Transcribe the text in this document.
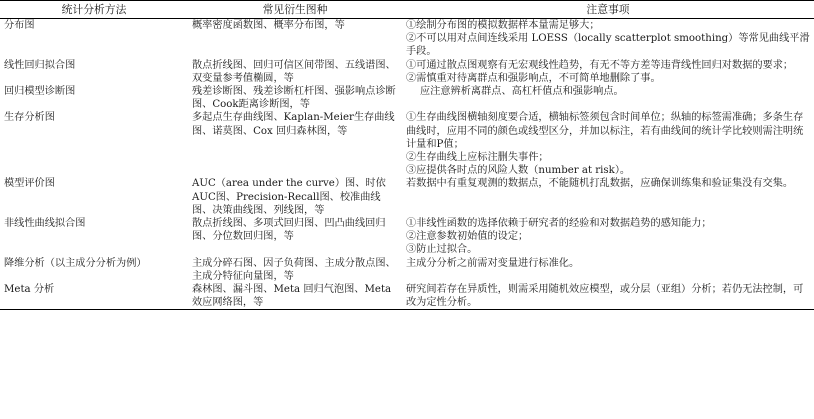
统计分析方法	常见衍生图种	注意事项
分布图	概率密度函数图、概率分布图，等	①绘制分布图的模拟数据样本量需足够大；
②不可以用对点间连线采用 LOESS（locally scatterplot smoothing）等常见曲线平滑手段。

线性回归拟合图	散点折线图、回归可信区间带图、五线谱图、双变量参考值椭圆，等	①可通过散点图观察有无宏观线性趋势，有无不等方差等违背线性回归对数据的要求；
②需慎重对待离群点和强影响点，不可简单地删除了事。

回归模型诊断图	残差诊断图、残差诊断杠杆图、强影响点诊断图、Cook距离诊断图，等	应注意辨析离群点、高杠杆值点和强影响点。

生存分析图	多起点生存曲线图、Kaplan-Meier生存曲线图、诺莫图、Cox 回归森林图，等	①生存曲线图横轴刻度要合适，横轴标签须包含时间单位；纵轴的标签需准确；多条生存曲线时，应用不同的颜色或线型区分，并加以标注，若有曲线间的统计学比较则需注明统计量和P值；
②生存曲线上应标注删失事件；
③应提供各时点的风险人数（number at risk）。

模型评价图	AUC（area under the curve）图、时依AUC图、Precision-Recall图、校准曲线图、决策曲线图、列线图，等	若数据中有重复观测的数据点，不能随机打乱数据，应确保训练集和验证集没有交集。

非线性曲线拟合图	散点折线图、多项式回归图、凹凸曲线回归图、分位数回归图，等	①非线性函数的选择依赖于研究者的经验和对数据趋势的感知能力；
②注意参数初始值的设定；
③防止过拟合。

降维分析（以主成分分析为例）	主成分碎石图、因子负荷图、主成分散点图、主成分特征向量图，等	主成分分析之前需对变量进行标准化。

Meta 分析	森林图、漏斗图、Meta 回归气泡图、Meta 效应网络图，等	研究间若存在异质性，则需采用随机效应模型，或分层（亚组）分析；若仍无法控制，可改为定性分析。
